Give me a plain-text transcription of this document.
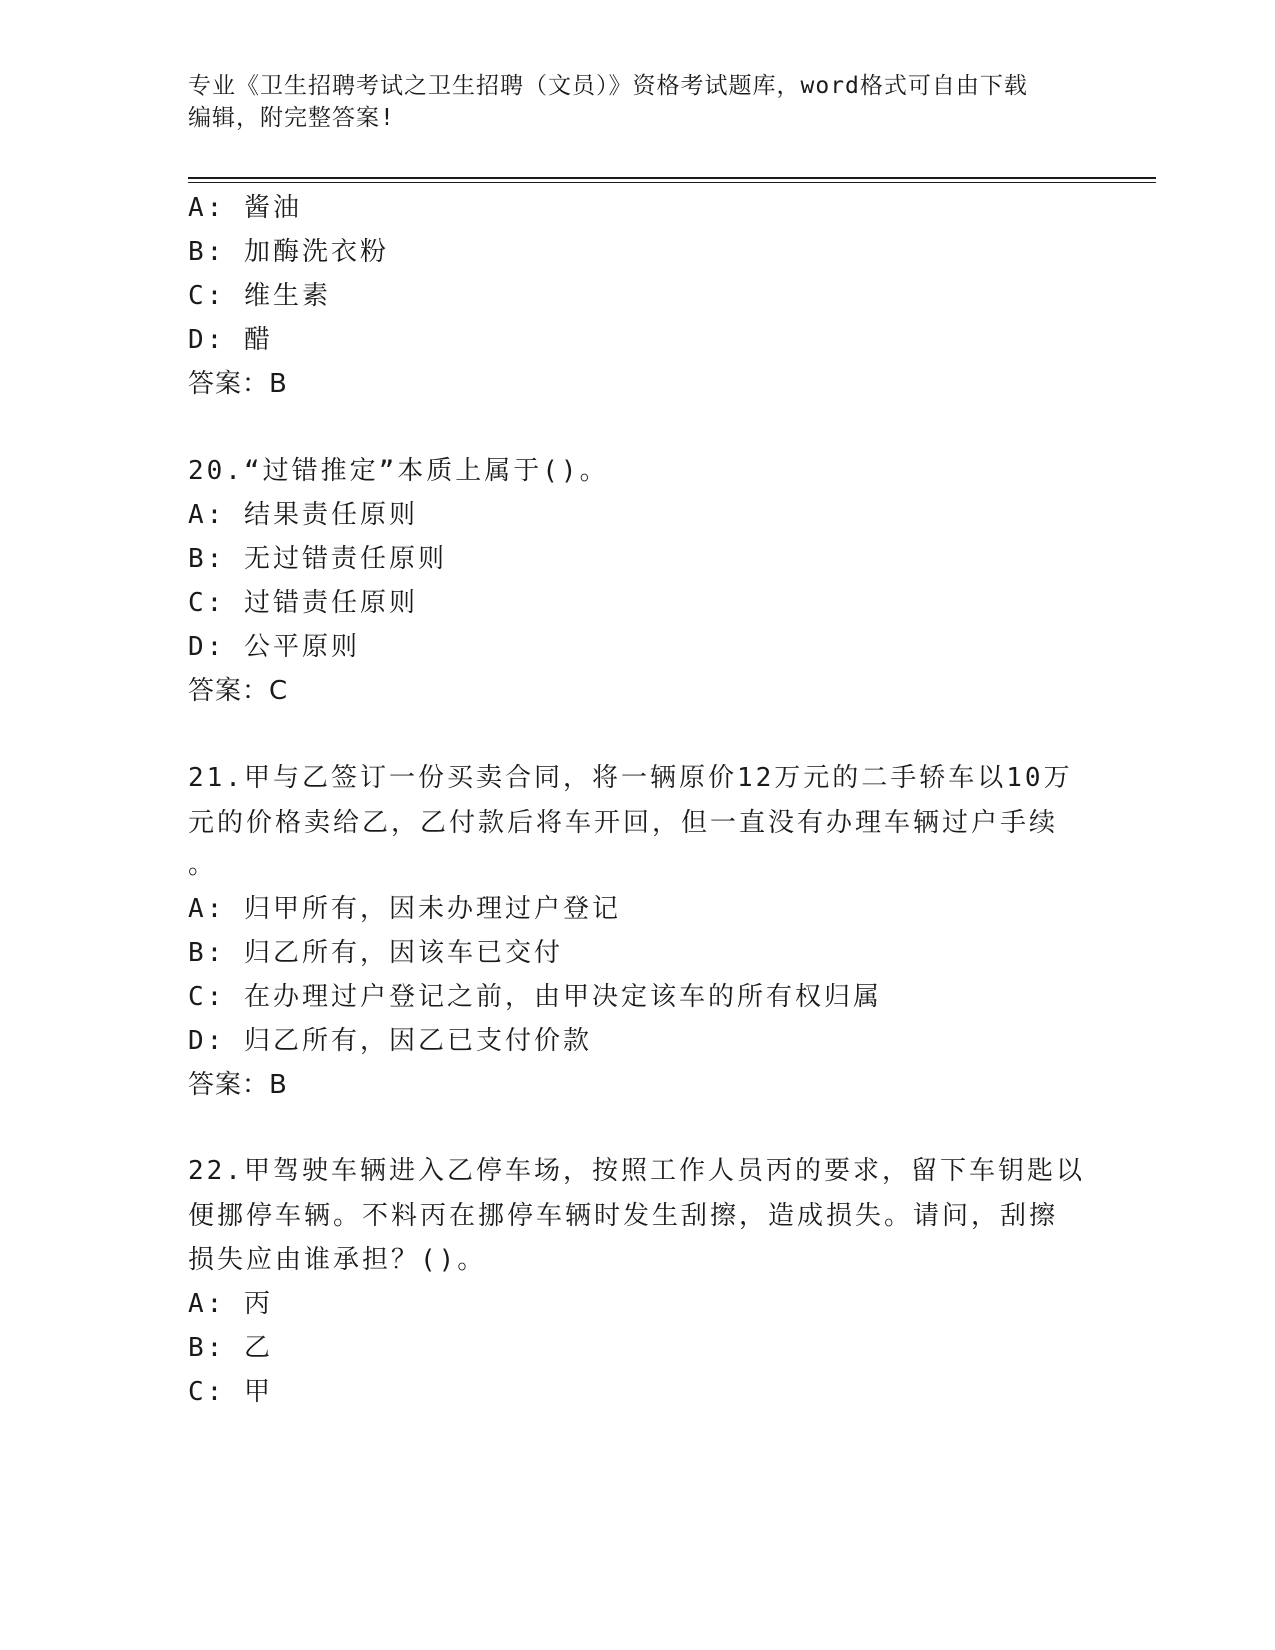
专业《卫生招聘考试之卫生招聘（文员）》资格考试题库，word格式可自由下载
编辑，附完整答案!
A: 酱油
B: 加酶洗衣粉
C: 维生素
D: 醋
答案：B
20.“过错推定”本质上属于()。
A: 结果责任原则
B: 无过错责任原则
C: 过错责任原则
D: 公平原则
答案：C
21.甲与乙签订一份买卖合同，将一辆原价12万元的二手轿车以10万
元的价格卖给乙，乙付款后将车开回，但一直没有办理车辆过户手续
。
A: 归甲所有，因未办理过户登记
B: 归乙所有，因该车已交付
C: 在办理过户登记之前，由甲决定该车的所有权归属
D: 归乙所有，因乙已支付价款
答案：B
22.甲驾驶车辆进入乙停车场，按照工作人员丙的要求，留下车钥匙以
便挪停车辆。不料丙在挪停车辆时发生刮擦，造成损失。请问，刮擦
损失应由谁承担？()。
A: 丙
B: 乙
C: 甲
